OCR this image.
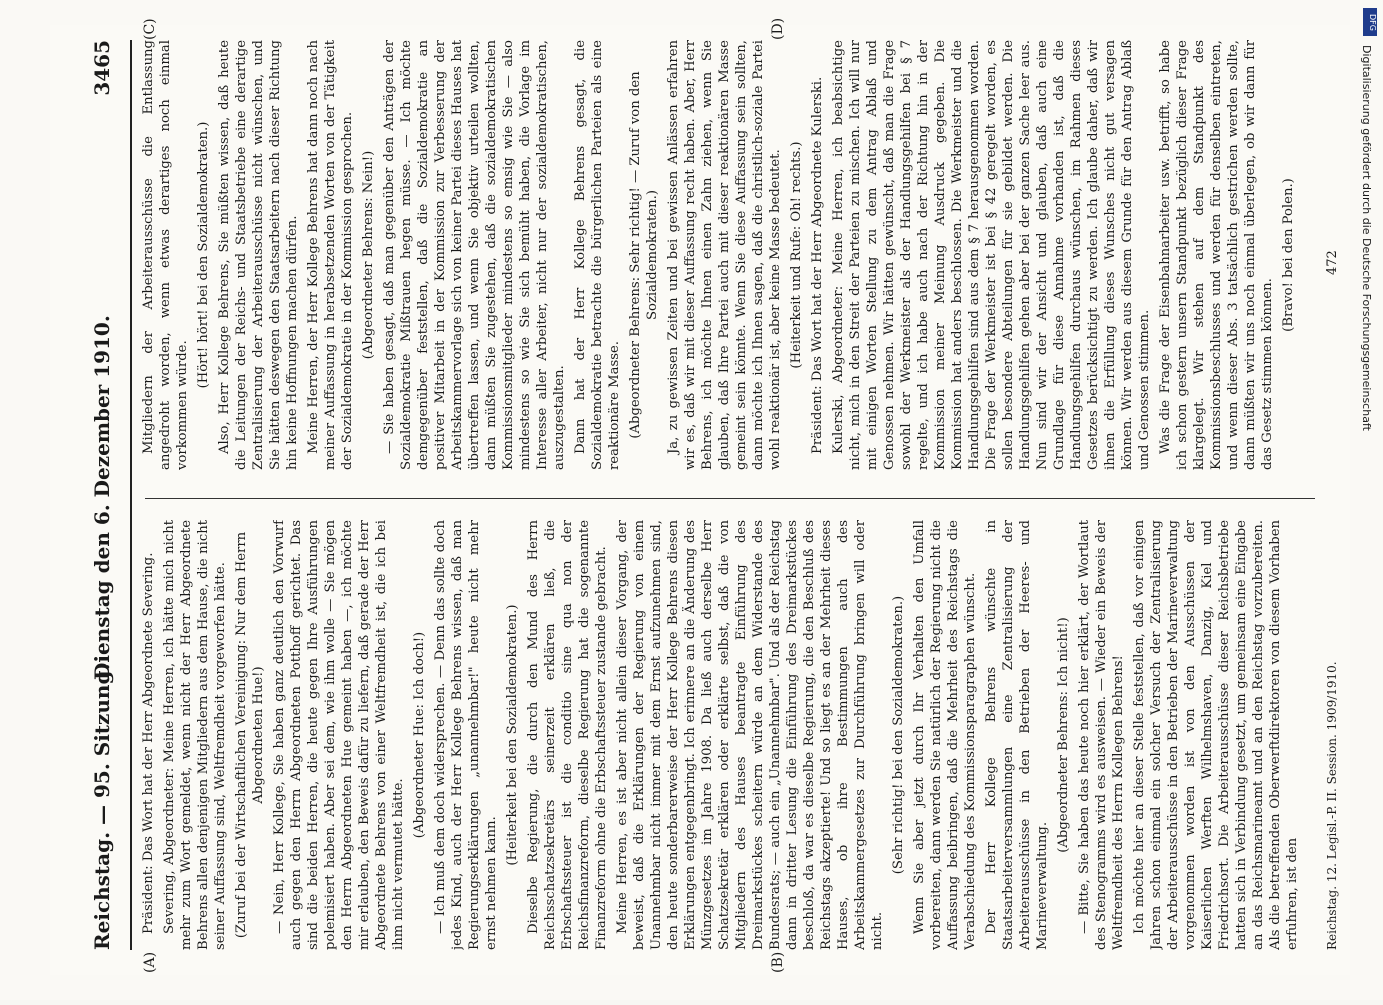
Reichstag. — 95. Sitzung.
Dienstag den 6. Dezember 1910.
3465
(A)	(B)
(C)	(D)

Präsident: Das Wort hat der Herr Abgeordnete Severing. Severing, Abgeordneter: Meine Herren, ich hätte mich nicht mehr zum Wort gemeldet, wenn nicht der Herr Abgeordnete Behrens allen denjenigen Mitgliedern aus dem Hause, die nicht seiner Auffassung sind, Weltfremdheit vorgeworfen hätte. (Zuruf bei der Wirtschaftlichen Vereinigung: Nur dem Herrn Abgeordneten Hue!) — Nein, Herr Kollege, Sie haben ganz deutlich den Vorwurf auch gegen den Herrn Abgeordneten Potthoff gerichtet. Das sind die beiden Herren, die heute gegen Ihre Ausführungen polemisiert haben. Aber sei dem, wie ihm wolle — Sie mögen den Herrn Abgeordneten Hue gemeint haben —, ich möchte mir erlauben, den Beweis dafür zu liefern, daß gerade der Herr Abgeordnete Behrens von einer Weltfremdheit ist, die ich bei ihm nicht vermutet hätte.

(Abgeordneter Hue: Ich doch!) — Ich muß dem doch widersprechen. — Denn das sollte doch jedes Kind, auch der Herr Kollege Behrens wissen, daß man Regierungserklärungen „unannehmbar!" heute nicht mehr ernst nehmen kann.

(Heiterkeit bei den Sozialdemokraten.) Dieselbe Regierung, die durch den Mund des Herrn Reichsschatzsekretärs seinerzeit erklären ließ, die Erbschaftssteuer ist die conditio sine qua non der Reichsfinanzreform, dieselbe Regierung hat die sogenannte Finanzreform ohne die Erbschaftssteuer zustande gebracht. Meine Herren, es ist aber nicht allein dieser Vorgang, der beweist, daß die Erklärungen der Regierung von einem Unannehmbar nicht immer mit dem Ernst aufzunehmen sind, den heute sonderbarerweise der Herr Kollege Behrens diesen Erklärungen entgegenbringt. Ich erinnere an die Änderung des Münzgesetzes im Jahre 1908. Da ließ auch derselbe Herr Schatzsekretär erklären oder erklärte selbst, daß die von Mitgliedern des Hauses beantragte Einführung des Dreimarkstückes scheitern würde an dem Widerstande des Bundesrats; — auch ein „Unannehmbar". Und als der Reichstag dann in dritter Lesung die Einführung des Dreimarkstückes beschloß, da war es dieselbe Regierung, die den Beschluß des Reichstags akzeptierte! Und so liegt es an der Mehrheit dieses Hauses, ob ihre Bestimmungen auch des Arbeitskammergesetzes zur Durchführung bringen will oder nicht.

(Sehr richtig! bei den Sozialdemokraten.) Wenn Sie aber jetzt durch Ihr Verhalten den Umfall vorbereiten, dann werden Sie natürlich der Regierung nicht die Auffassung beibringen, daß die Mehrheit des Reichstags die Verabschiedung des Kommissionsparagraphen wünscht. Der Herr Kollege Behrens wünschte in Staatsarbeiterversammlungen eine Zentralisierung der Arbeiterausschüsse in den Betrieben der Heeres- und Marineverwaltung.

(Abgeordneter Behrens: Ich nicht!) — Bitte, Sie haben das heute noch hier erklärt, der Wortlaut des Stenogramms wird es ausweisen. — Wieder ein Beweis der Weltfremdheit des Herrn Kollegen Behrens! Ich möchte hier an dieser Stelle feststellen, daß vor einigen Jahren schon einmal ein solcher Versuch der Zentralisierung der Arbeiterausschüsse in den Betrieben der Marineverwaltung vorgenommen worden ist von den Ausschüssen der Kaiserlichen Werften Wilhelmshaven, Danzig, Kiel und Friedrichsort. Die Arbeiterausschüsse dieser Reichsbetriebe hatten sich in Verbindung gesetzt, um gemeinsam eine Eingabe an das Reichsmarineamt und an den Reichstag vorzubereiten. Als die betreffenden Oberwerftdirektoren von diesem Vorhaben erfuhren, ist den

Mitgliedern der Arbeiterausschüsse die Entlassung angedroht worden, wenn etwas derartiges noch einmal vorkommen würde.

(Hört! hört! bei den Sozialdemokraten.) Also, Herr Kollege Behrens, Sie müßten wissen, daß heute die Leitungen der Reichs- und Staatsbetriebe eine derartige Zentralisierung der Arbeiterausschüsse nicht wünschen, und Sie hätten deswegen den Staatsarbeitern nach dieser Richtung hin keine Hoffnungen machen dürfen. Meine Herren, der Herr Kollege Behrens hat dann noch nach meiner Auffassung in herabsetzenden Worten von der Tätigkeit der Sozialdemokratie in der Kommission gesprochen. (Abgeordneter Behrens: Nein!) — Sie haben gesagt, daß man gegenüber den Anträgen der Sozialdemokratie Mißtrauen hegen müsse. — Ich möchte demgegenüber feststellen, daß die Sozialdemokratie an positiver Mitarbeit in der Kommission zur Verbesserung der Arbeitskammervorlage sich von keiner Partei dieses Hauses hat übertreffen lassen, und wenn Sie objektiv urteilen wollten, dann müßten Sie zugestehen, daß die sozialdemokratischen Kommissionsmitglieder mindestens so emsig wie Sie — also mindestens so wie Sie sich bemüht haben, die Vorlage im Interesse aller Arbeiter, nicht nur der sozialdemokratischen, auszugestalten. Dann hat der Herr Kollege Behrens gesagt, die Sozialdemokratie betrachte die bürgerlichen Parteien als eine reaktionäre Masse. (Abgeordneter Behrens: Sehr richtig! — Zuruf von den Sozialdemokraten.) Ja, zu gewissen Zeiten und bei gewissen Anlässen erfahren wir es, daß wir mit dieser Auffassung recht haben. Aber, Herr Behrens, ich möchte Ihnen einen Zahn ziehen, wenn Sie glauben, daß Ihre Partei auch mit dieser reaktionären Masse gemeint sein könnte. Wenn Sie diese Auffassung sein sollten, dann möchte ich Ihnen sagen, daß die christlich-soziale Partei wohl reaktionär ist, aber keine Masse bedeutet. (Heiterkeit und Rufe: Oh! rechts.) Präsident: Das Wort hat der Herr Abgeordnete Kulerski. Kulerski, Abgeordneter: Meine Herren, ich beabsichtige nicht, mich in den Streit der Parteien zu mischen. Ich will nur mit einigen Worten Stellung zu dem Antrag Ablaß und Genossen nehmen. Wir hätten gewünscht, daß man die Frage sowohl der Werkmeister als der Handlungsgehilfen bei § 7 regelte, und ich habe auch nach der Richtung hin in der Kommission meiner Meinung Ausdruck gegeben. Die Kommission hat anders beschlossen. Die Werkmeister und die Handlungsgehilfen sind aus dem § 7 herausgenommen worden. Die Frage der Werkmeister ist bei § 42 geregelt worden, es sollen besondere Abteilungen für sie gebildet werden. Die Handlungsgehilfen gehen aber bei der ganzen Sache leer aus. Nun sind wir der Ansicht und glauben, daß auch eine Grundlage für diese Annahme vorhanden ist, daß die Handlungsgehilfen durchaus wünschen, im Rahmen dieses Gesetzes berücksichtigt zu werden. Ich glaube daher, daß wir ihnen die Erfüllung dieses Wunsches nicht gut versagen können. Wir werden aus diesem Grunde für den Antrag Ablaß und Genossen stimmen. Was die Frage der Eisenbahnarbeiter usw. betrifft, so habe ich schon gestern unsern Standpunkt bezüglich dieser Frage klargelegt. Wir stehen auf dem Standpunkt des Kommissionsbeschlusses und werden für denselben eintreten, und wenn dieser Abs. 3 tatsächlich gestrichen werden sollte, dann müßten wir uns noch einmal überlegen, ob wir dann für das Gesetz stimmen können.

(Bravo! bei den Polen.)

Reichstag. 12. Legisl.-P. II. Session. 1909/1910.
472
DFG
Digitalisierung gefördert durch die Deutsche Forschungsgemeinschaft
